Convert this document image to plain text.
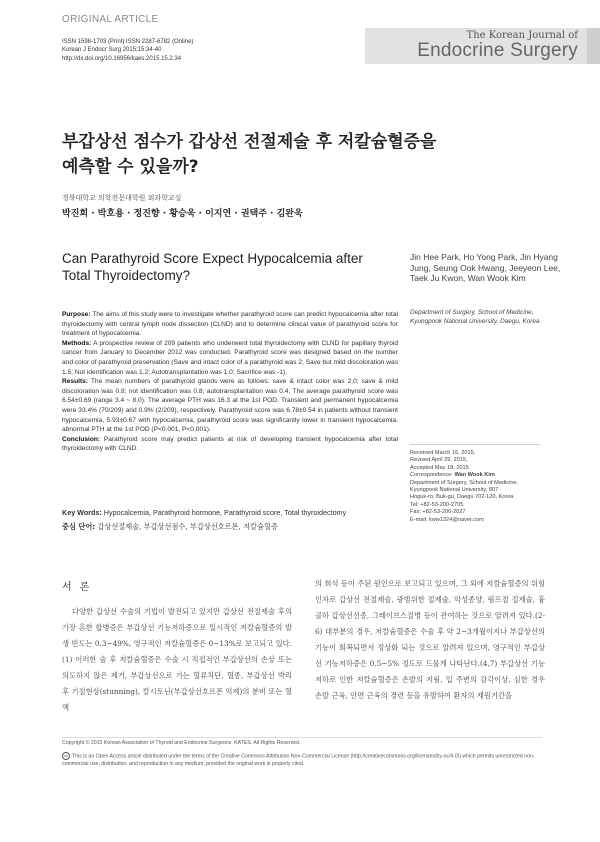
ORIGINAL ARTICLE
ISSN 1598-1703 (Print) ISSN 2287-6782 (Online)
Korean J Endocr Surg 2015;15:34-40
http://dx.doi.org/10.16956/kaes.2015.15.2.34
The Korean Journal of
Endocrine Surgery
부갑상선 점수가 갑상선 전절제술 후 저칼슘혈증을
예측할 수 있을까?
경북대학교 의학전문대학원 외과학교실
박진희 · 박호용 · 정진향 · 황승욱 · 이지연 · 권택주 · 김완욱
Can Parathyroid Score Expect Hypocalcemia after Total Thyroidectomy?
Jin Hee Park, Ho Yong Park, Jin Hyang Jung, Seung Ook Hwang, Jeeyeon Lee, Taek Ju Kwon, Wan Wook Kim
Department of Surgery, School of Medicine, Kyungpook National University, Daegu, Korea
Purpose: The aims of this study were to investigate whether parathyroid score can predict hypocalcemia after total thyroidectomy with central lymph node dissection (CLND) and to determine clinical value of parathyroid score for treatment of hypocalcemia.
Methods: A prospective review of 209 patients who underwent total thyroidectomy with CLND for papillary thyroid cancer from January to December 2012 was conducted. Parathyroid score was designed based on the number and color of parathyroid preservation (Save and intact color of a parathyroid was 2; Save but mild discoloration was 1.5; Not identification was 1.2; Autotransplantation was 1.0; Sacrifice was -1).
Results: The mean numbers of parathyroid glands were as follows: save & intact color was 2.0; save & mild discoloration was 0.8; not identification was 0.8; autotransplantation was 0.4. The average parathyroid score was 6.54±0.69 (range 3.4 ~ 8.0). The average PTH was 16.3 at the 1st POD. Transient and permanent hypocalcemia were 33.4% (70/209) and 0.9% (2/209), respectively. Parathyroid score was 6.78±0.54 in patients without transient hypocalcemia, 5.93±0.67 with hypocalcemia, parathyroid score was significantly lower in transient hypocalcemia, abnormal PTH at the 1st POD (P<0.001, P<0.001).
Conclusion: Parathyroid score may predict patients at risk of developing transient hypocalcemia after total thyroidectomy with CLND.
Received March 16, 2015,
Revised April 29, 2015,
Accepted May 18, 2015
Correspondence: Wan Wook Kim
Department of Surgery, School of Medicine,
Kyungpook National University, 807
Hoguk-ro, Buk-gu, Daegu 702-120, Korea
Tel: +82-53-200-2705
Fax: +82-53-200-2027
E-mail: kww1324@naver.com
Key Words: Hypocalcemia, Parathyroid hormone, Parathyroid score, Total thyroidectomy
중심 단어: 갑상선절제술, 부갑상선점수, 부갑상선호르몬, 저칼슘혈증
서론
다양한 갑상선 수술의 기법이 발전되고 있지만 갑상선 전절제술 후의 가장 흔한 합병증은 부갑상선 기능저하증으로 일시적인 저칼슘혈증의 발생 빈도는 0.3~49%, 영구적인 저칼슘혈증은 0~13%로 보고되고 있다.(1) 이러한 술 후 저칼슘혈증은 수술 시 직접적인 부갑상선의 손상 또는 의도하지 않은 제거, 부갑상선으로 가는 혈류차단, 혈종, 부갑상선 박리 후 기절현상(stunning), 칼시토닌(부갑상선호르몬 억제)의 분비 또는 혈액
의 희석 등이 주된 원인으로 보고되고 있으며, 그 외에 저칼슘혈증의 위험인자로 갑상선 전절제술, 광범위한 절제술, 악성종양, 림프절 절제술, 흉골하 갑상선선종, 그레이브스질병 등이 관여하는 것으로 알려져 있다.(2-6) 대부분의 경우, 저칼슘혈증은 수술 후 약 2~3개월이지나 부갑상선의 기능이 회복되면서 정상화 되는 것으로 알려져 있으며, 영구적인 부갑상선 기능저하증은 0.5~5% 정도로 드물게 나타난다.(4,7) 부갑상선 기능저하로 인한 저칼슘혈증은 손발의 저림, 입 주변의 감각이상, 심한 경우 손발 근육, 안면 근육의 경련 등을 유발하여 환자의 재원기간을
Copyright © 2015 Korean Association of Thyroid and Endocrine Surgeons; KATES. All Rights Reserved.
cc This is an Open Access article distributed under the terms of the Creative Commons Attribution Non-Commercial License (http://creativecommons.org/licenses/by-nc/4.0/) which permits unrestricted non-commercial use, distribution, and reproduction in any medium, provided the original work is properly cited.
